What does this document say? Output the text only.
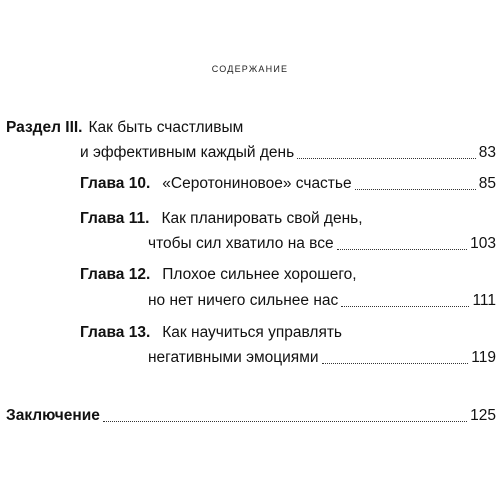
СОДЕРЖАНИЕ
Раздел III. Как быть счастливым
и эффективным каждый день	83
Глава 10. «Серотониновое» счастье	85
Глава 11. Как планировать свой день,
чтобы сил хватило на все	103
Глава 12. Плохое сильнее хорошего,
но нет ничего сильнее нас	111
Глава 13. Как научиться управлять
негативными эмоциями	119
Заключение	125
